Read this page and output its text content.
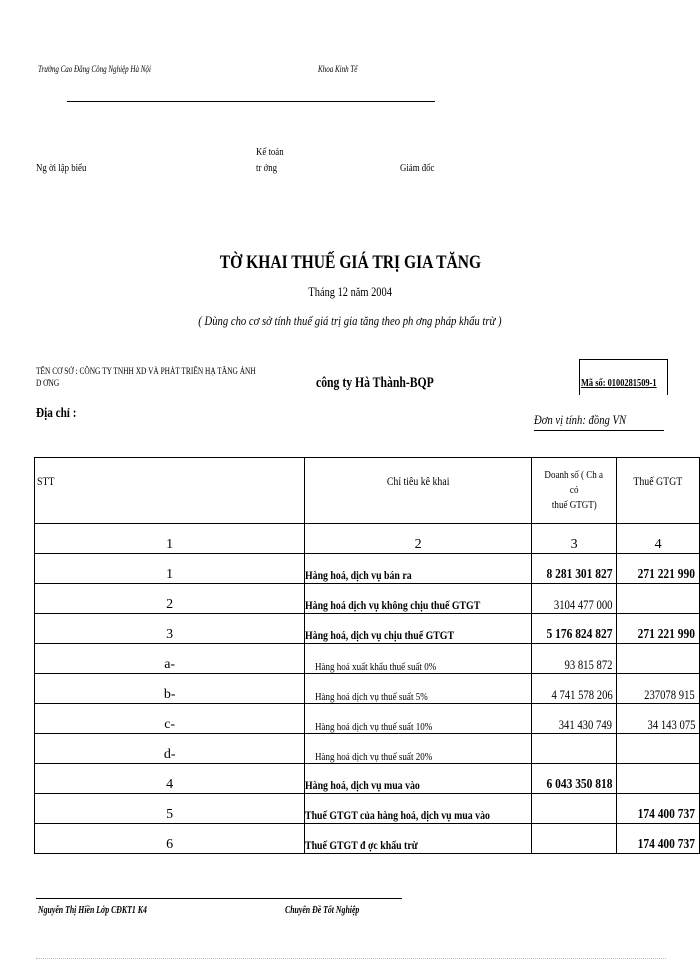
Trường Cao Đẳng Công Nghiệp Hà Nội	Khoa Kinh Tế
Ng ời lập biểu
Kế toán
tr ởng	Giám đốc
TỜ KHAI THUẾ GIÁ TRỊ GIA TĂNG
Tháng 12 năm 2004
( Dùng cho cơ sở tính thuế giá trị gia tăng theo ph ơng pháp khấu trừ )
TÊN CƠ SỞ : CÔNG TY TNHH XD VÀ PHÁT TRIỂN HẠ TẦNG ÁNH
D ƠNG	công ty Hà Thành-BQP	Mã số: 0100281509-1
Địa chỉ :	Đơn vị tính: đồng VN
STT	Chỉ tiêu kê khai	Doanh số ( Ch a
có
thuế GTGT)	Thuế GTGT
1	2	3	4
1	Hàng hoá, dịch vụ bán ra	8 281 301 827	271 221 990
2	Hàng hoá dịch vụ không chịu thuế GTGT	3104 477 000	
3	Hàng hoá, dịch vụ chịu thuế GTGT	5 176 824 827	271 221 990
a-	Hàng hoá xuất khẩu thuế suất 0%	93 815 872	
b-	Hàng hoá dịch vụ thuế suất 5%	4 741 578 206	237078 915
c-	Hàng hoá dịch vụ thuế suất 10%	341 430 749	34 143 075
d-	Hàng hoá dịch vụ thuế suất 20%		
4	Hàng hoá, dịch vụ mua vào	6 043 350 818	
5	Thuế GTGT của hàng hoá, dịch vụ mua vào		174 400 737
6	Thuế GTGT đ ợc khấu trừ		174 400 737
Nguyễn Thị Hiền Lớp CĐKT1 K4	Chuyên Đề Tốt Nghiệp
